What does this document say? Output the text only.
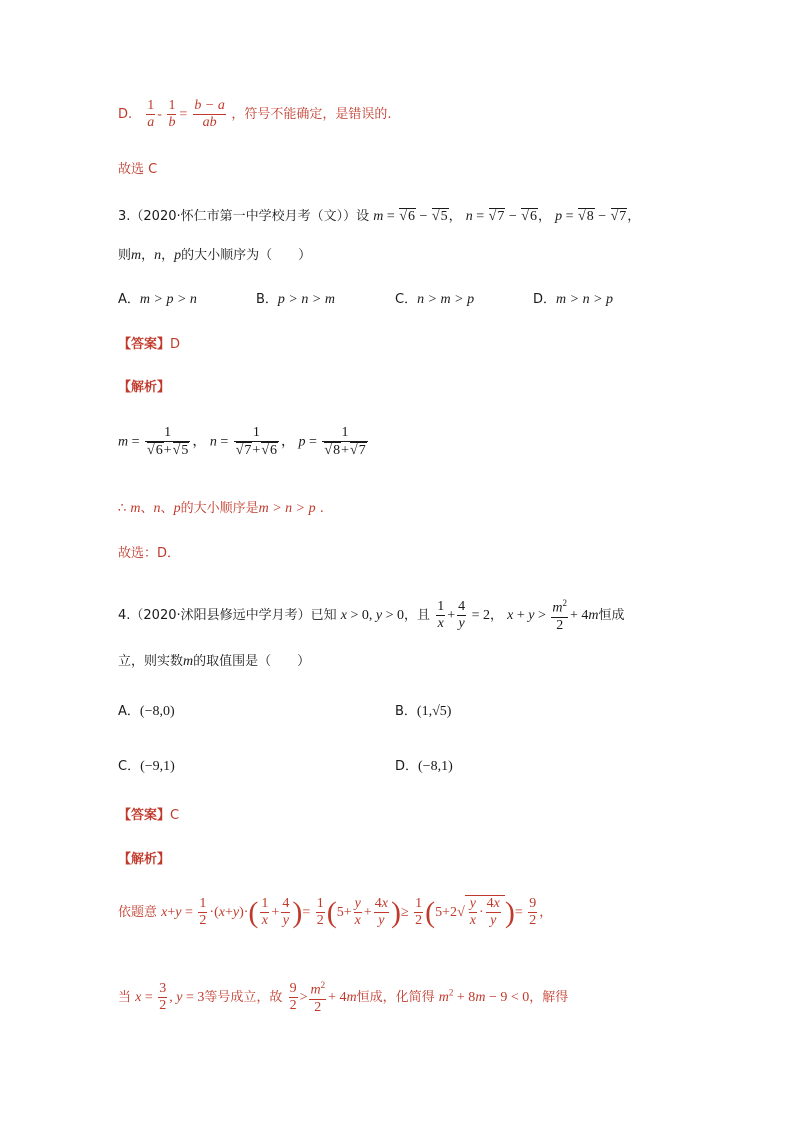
D. $\frac{1}{a} - \frac{1}{b} = \frac{b - a}{ab}$ ，符号不能确定，是错误的.
故选 C
3.（2020·怀仁市第一中学校月考（文））设 m = √ 6 − √ 5， n = √ 7 − √ 6， p = √ 8 − √ 7，
则m，n，p的大小顺序为（　　）
A．m > p > n	B．p > n > m	C．n > m > p	D．m > n > p
【答案】D
【解析】
m = 1
√ 6+ √ 5 ， n = 1
√ 7+ √ 6 ， p = 1
√ 8+ √ 7
∴ m、n、p的大小顺序是m > n > p .
故选：D．
4.（2020·沭阳县修远中学月考）已知 x > 0, y > 0，且 $\frac{1}{x} + \frac{4}{y} = 2$， $x + y > \frac{m^2}{2} + 4m$恒成
立，则实数m的取值围是（　　）
A．(−8,0)	B．(1,√5)
C．(−9,1)	D．(−8,1)
【答案】C
【解析】
依题意 $x+y = \frac{1}{2} \cdot(x+y)\cdot( \frac{1}{x} + \frac{4}{y}$ )= $\frac{1}{2} (5+ \frac{y}{x} + \frac{4x}{y}$ )≥ $\frac{1}{2} (5+2√ \frac{y}{x} \cdot \frac{4x}{y}$ )= $\frac{9}{2}$ ，
当 $x = \frac{3}{2}$ , y = 3等号成立，故 $\frac{9}{2} > \frac{m^2}{2} + 4m$恒成，化简得 $m^2 + 8m - 9 < 0$，解得
